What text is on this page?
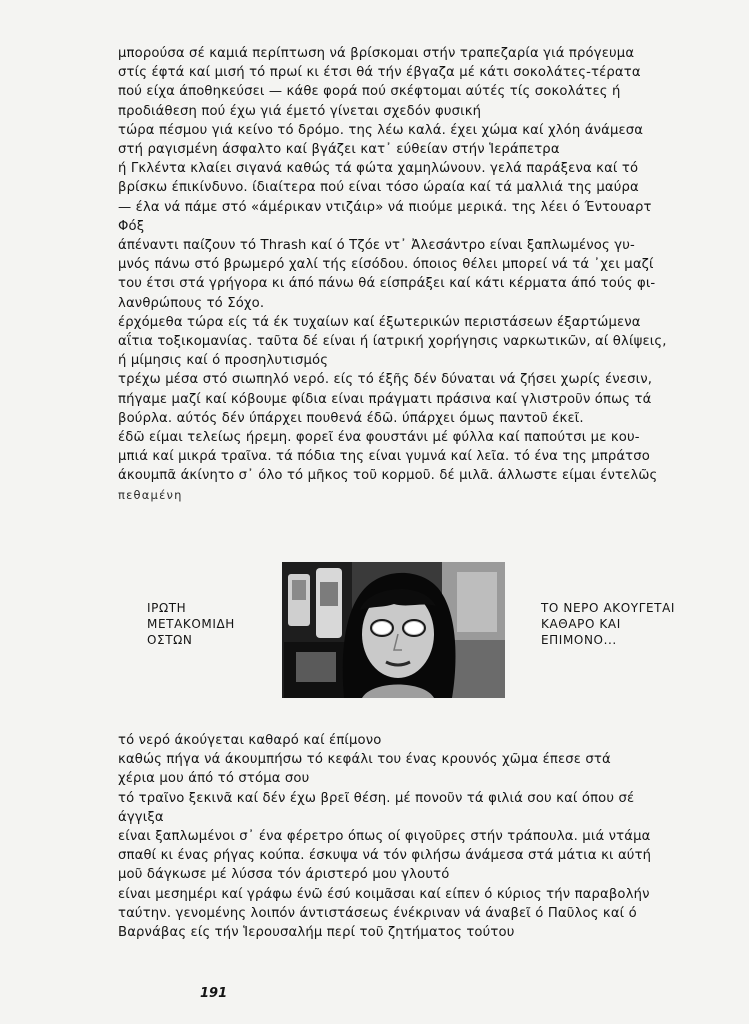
μπορούσα σέ καμιά περίπτωση νά βρίσκομαι στήν τραπεζαρία γιά πρόγευμα
στίς έφτά καί μισή τό πρωί κι έτσι θά τήν έβγαζα μέ κάτι σοκολάτες-τέρατα
πού είχα άποθηκεύσει — κάθε φορά πού σκέφτομαι αύτές τίς σοκολάτες ή
προδιάθεση πού έχω γιά έμετό γίνεται σχεδόν φυσική
τώρα πέσμου γιά κείνο τό δρόμο. της λέω καλά. έχει χώμα καί χλόη άνάμεσα
στή ραγισμένη άσφαλτο καί βγάζει κατ᾽ εύθείαν στήν Ἱεράπετρα
ή Γκλέντα κλαίει σιγανά καθώς τά φώτα χαμηλώνουν. γελά παράξενα καί τό
βρίσκω έπικίνδυνο. ίδιαίτερα πού είναι τόσο ώραία καί τά μαλλιά της μαύρα
— έλα νά πάμε στό «άμέρικαν ντιζάιρ» νά πιούμε μερικά. της λέει ό Έντουαρτ
Φόξ
άπέναντι παίζουν τό Thrash καί ό Τζόε ντ᾽ Ἀλεσάντρο είναι ξαπλωμένος γυ-
μνός πάνω στό βρωμερό χαλί τής είσόδου. όποιος θέλει μπορεί νά τά ᾽χει μαζί
του έτσι στά γρήγορα κι άπό πάνω θά είσπράξει καί κάτι κέρματα άπό τούς φι-
λανθρώπους τό Σόχο.
έρχόμεθα τώρα είς τά έκ τυχαίων καί έξωτερικών περιστάσεων έξαρτώμενα
αΐτια τοξικομανίας. ταῦτα δέ είναι ή ίατρική χορήγησις ναρκωτικῶν, αί θλίψεις,
ή μίμησις καί ό προσηλυτισμός
τρέχω μέσα στό σιωπηλό νερό. είς τό έξῆς δέν δύναται νά ζήσει χωρίς ένεσιν,
πήγαμε μαζί καί κόβουμε φίδια είναι πράγματι πράσινα καί γλιστροῦν όπως τά
βούρλα. αύτός δέν ύπάρχει πουθενά έδῶ. ύπάρχει όμως παντοῦ έκεῖ.
έδῶ είμαι τελείως ήρεμη. φορεῖ ένα φουστάνι μέ φύλλα καί παπούτσι με κου-
μπιά καί μικρά τραῖνα. τά πόδια της είναι γυμνά καί λεῖα. τό ένα της μπράτσο
άκουμπᾶ άκίνητο σ᾽ όλο τό μῆκος τοῦ κορμοῦ. δέ μιλᾶ. άλλωστε είμαι έντελῶς
πεθαμένη
ΙΡΩΤΗ
ΜΕΤΑΚΟΜΙΔΗ
ΟΣΤΩΝ
ΤΟ ΝΕΡΟ ΑΚΟΥΓΕΤΑΙ
ΚΑΘΑΡΟ ΚΑΙ
ΕΠΙΜΟΝΟ...
τό νερό άκούγεται καθαρό καί έπίμονο
καθώς πήγα νά άκουμπήσω τό κεφάλι του ένας κρουνός χῶμα έπεσε στά
χέρια μου άπό τό στόμα σου
τό τραῖνο ξεκινᾶ καί δέν έχω βρεῖ θέση. μέ πονοῦν τά φιλιά σου καί όπου σέ
άγγιξα
είναι ξαπλωμένοι σ᾽ ένα φέρετρο όπως οί φιγοῦρες στήν τράπουλα. μιά ντάμα
σπαθί κι ένας ρήγας κούπα. έσκυψα νά τόν φιλήσω άνάμεσα στά μάτια κι αύτή
μοῦ δάγκωσε μέ λύσσα τόν άριστερό μου γλουτό
είναι μεσημέρι καί γράφω ένῶ έσύ κοιμᾶσαι καί είπεν ό κύριος τήν παραβολήν
ταύτην. γενομένης λοιπόν άντιστάσεως ένέκριναν νά άναβεῖ ό Παῦλος καί ό
Βαρνάβας είς τήν Ἱερουσαλήμ περί τοῦ ζητήματος τούτου
191
